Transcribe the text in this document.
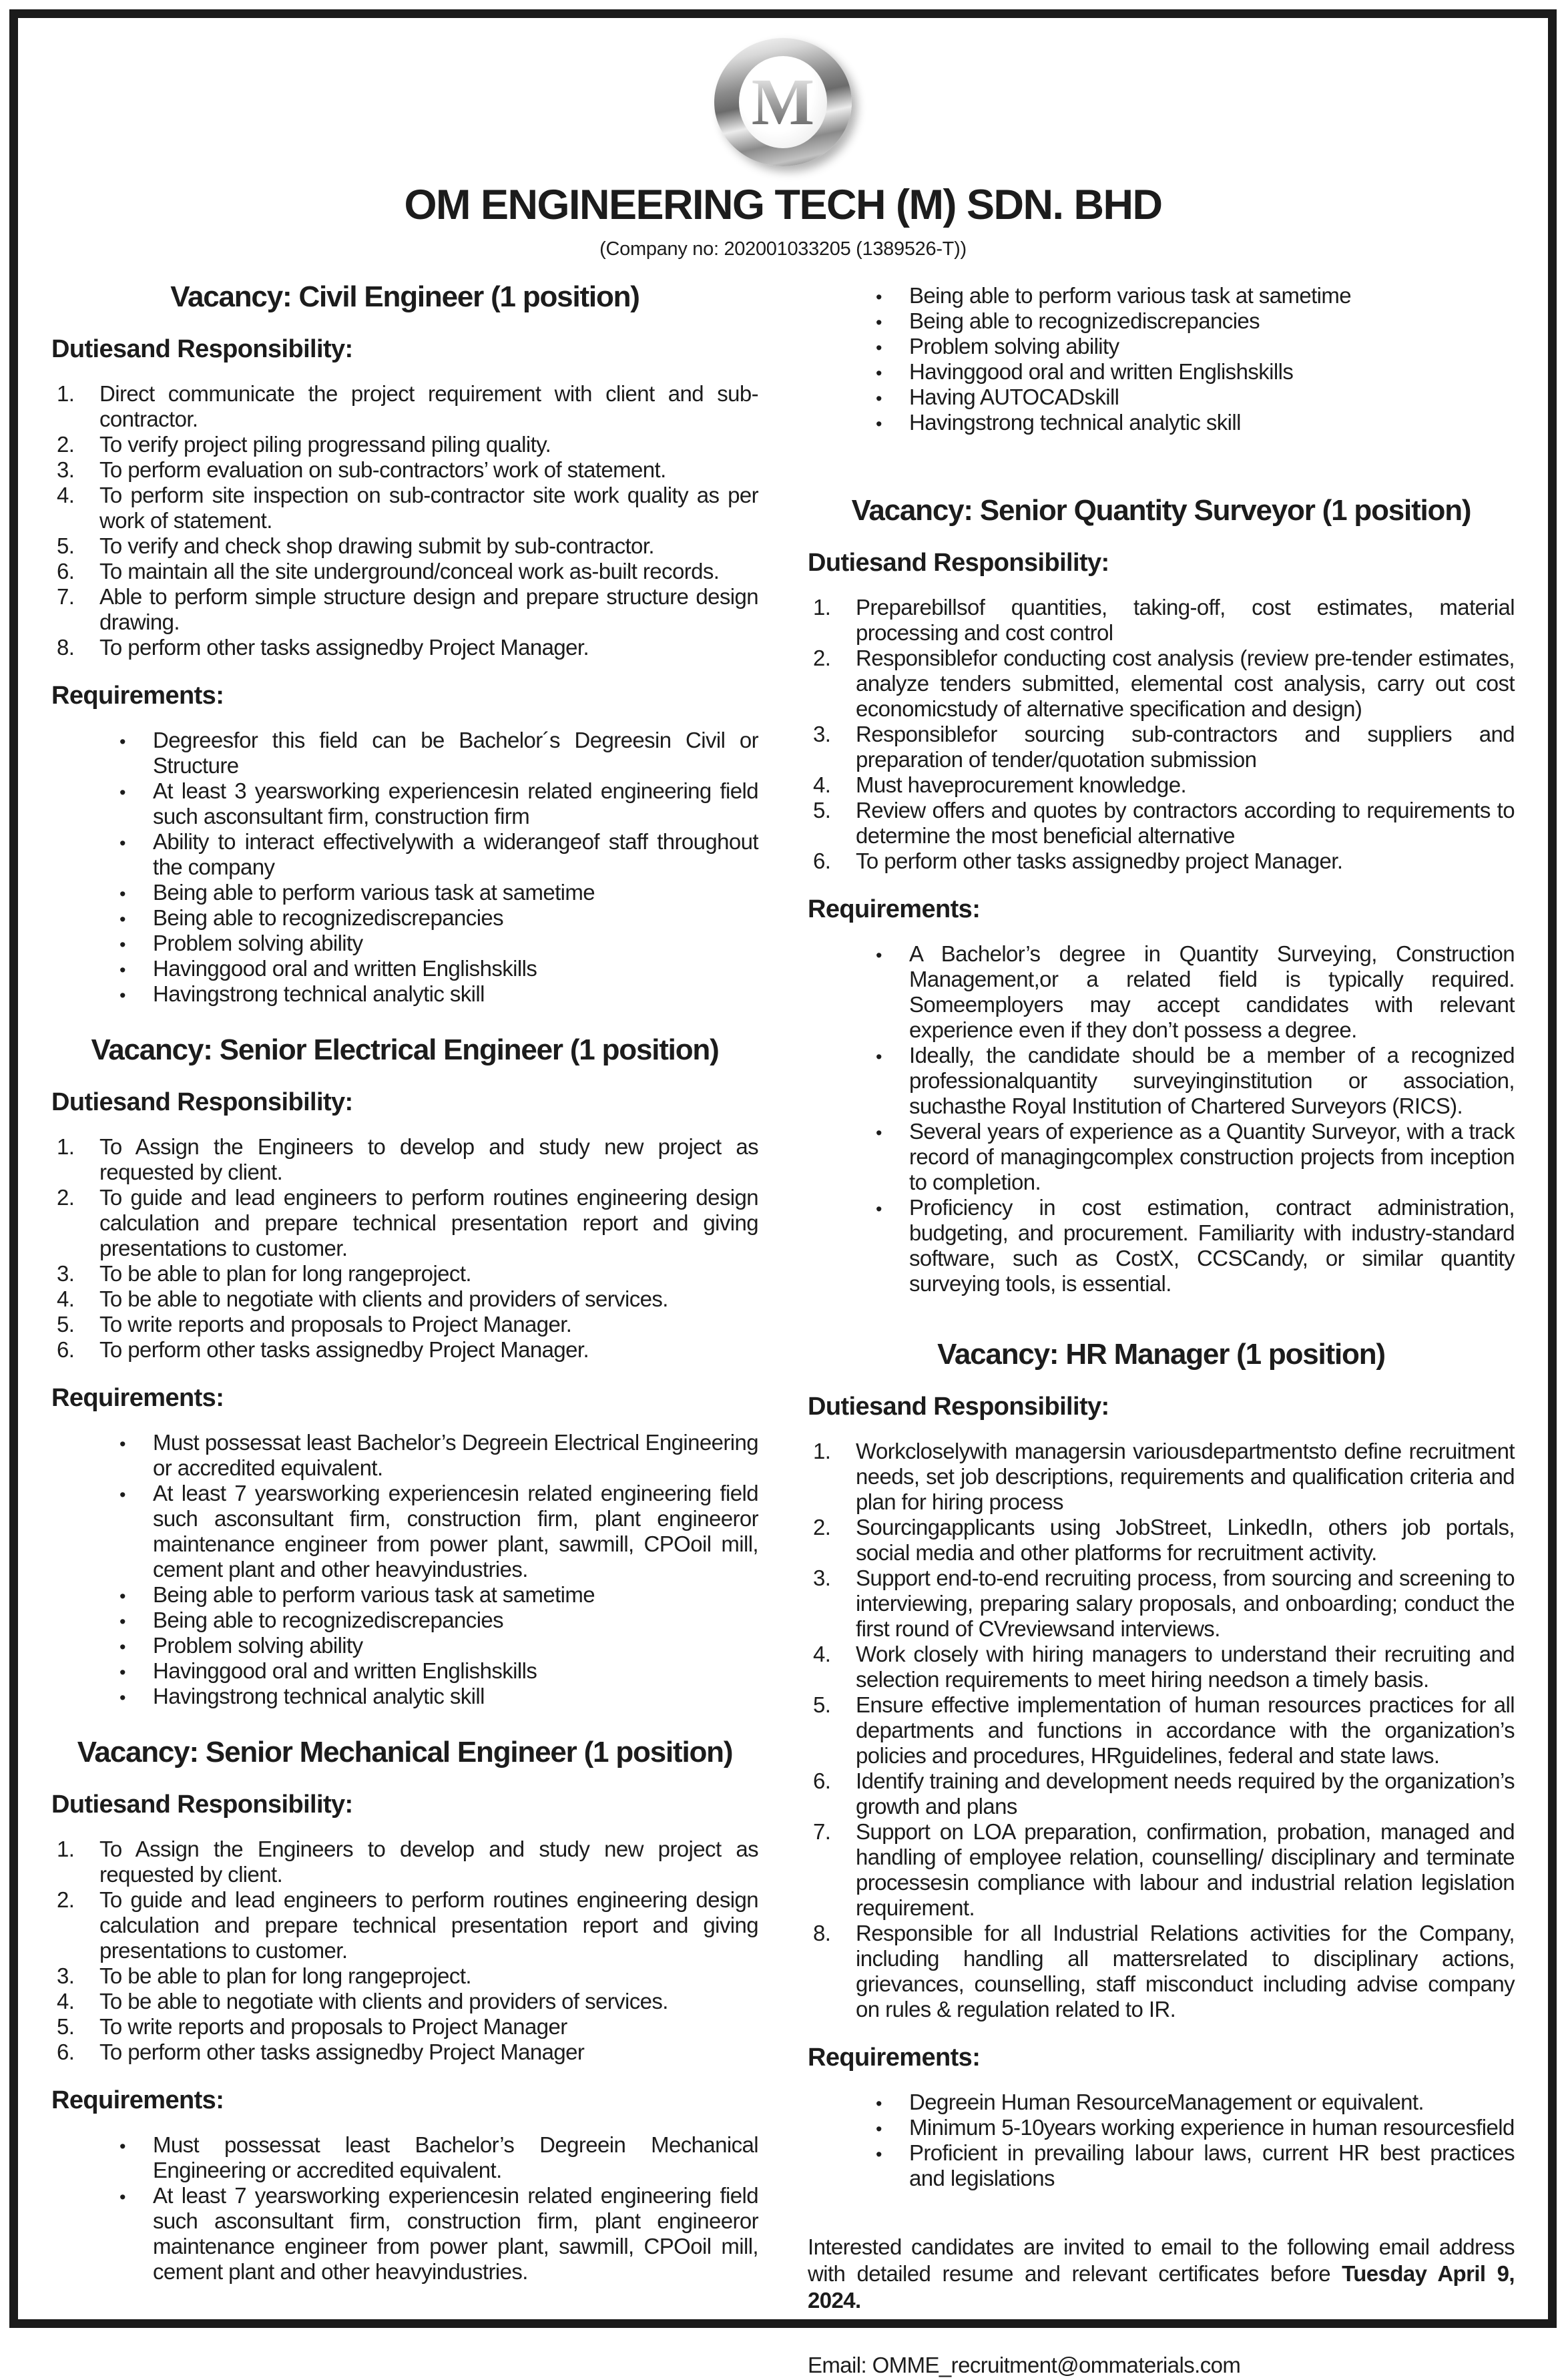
M
OM ENGINEERING TECH (M) SDN. BHD
(Company no: 202001033205 (1389526-T))
Vacancy: Civil Engineer (1 position)
Dutiesand Responsibility:
Direct communicate the project requirement with client and sub-contractor.
To verify project piling progressand piling quality.
To perform evaluation on sub-contractors’ work of statement.
To perform site inspection on sub-contractor site work quality as per work of statement.
To verify and check shop drawing submit by sub-contractor.
To maintain all the site underground/conceal work as-built records.
Able to perform simple structure design and prepare structure design drawing.
To perform other tasks assignedby Project Manager.
Requirements:
• Degreesfor this field can be Bachelor´s Degreesin Civil or Structure
• At least 3 yearsworking experiencesin related engineering field such asconsultant firm, construction firm
• Ability to interact effectivelywith a widerangeof staff throughout the company
• Being able to perform various task at sametime
• Being able to recognizediscrepancies
• Problem solving ability
• Havinggood oral and written Englishskills
• Havingstrong technical analytic skill
Vacancy: Senior Electrical Engineer (1 position)
Dutiesand Responsibility:
To Assign the Engineers to develop and study new project as requested by client.
To guide and lead engineers to perform routines engineering design calculation and prepare technical presentation report and giving presentations to customer.
To be able to plan for long rangeproject.
To be able to negotiate with clients and providers of services.
To write reports and proposals to Project Manager.
To perform other tasks assignedby Project Manager.
Requirements:
• Must possessat least Bachelor’s Degreein Electrical Engineering or accredited equivalent.
• At least 7 yearsworking experiencesin related engineering field such asconsultant firm, construction firm, plant engineeror maintenance engineer from power plant, sawmill, CPOoil mill, cement plant and other heavyindustries.
• Being able to perform various task at sametime
• Being able to recognizediscrepancies
• Problem solving ability
• Havinggood oral and written Englishskills
• Havingstrong technical analytic skill
Vacancy: Senior Mechanical Engineer (1 position)
Dutiesand Responsibility:
To Assign the Engineers to develop and study new project as requested by client.
To guide and lead engineers to perform routines engineering design calculation and prepare technical presentation report and giving presentations to customer.
To be able to plan for long rangeproject.
To be able to negotiate with clients and providers of services.
To write reports and proposals to Project Manager
To perform other tasks assignedby Project Manager
Requirements:
• Must possessat least Bachelor’s Degreein Mechanical Engineering or accredited equivalent.
• At least 7 yearsworking experiencesin related engineering field such asconsultant firm, construction firm, plant engineeror maintenance engineer from power plant, sawmill, CPOoil mill, cement plant and other heavyindustries.
• Being able to perform various task at sametime
• Being able to recognizediscrepancies
• Problem solving ability
• Havinggood oral and written Englishskills
• Having AUTOCADskill
• Havingstrong technical analytic skill
Vacancy: Senior Quantity Surveyor (1 position)
Dutiesand Responsibility:
Preparebillsof quantities, taking-off, cost estimates, material processing and cost control
Responsiblefor conducting cost analysis (review pre-tender estimates, analyze tenders submitted, elemental cost analysis, carry out cost economicstudy of alternative specification and design)
Responsiblefor sourcing sub-contractors and suppliers and preparation of tender/quotation submission
Must haveprocurement knowledge.
Review offers and quotes by contractors according to requirements to determine the most beneficial alternative
To perform other tasks assignedby project Manager.
Requirements:
• A Bachelor’s degree in Quantity Surveying, Construction Management,or a related field is typically required. Someemployers may accept candidates with relevant experience even if they don’t possess a degree.
• Ideally, the candidate should be a member of a recognized professionalquantity surveyinginstitution or association, suchasthe Royal Institution of Chartered Surveyors (RICS).
• Several years of experience as a Quantity Surveyor, with a track record of managingcomplex construction projects from inception to completion.
• Proficiency in cost estimation, contract administration, budgeting, and procurement. Familiarity with industry-standard software, such as CostX, CCSCandy, or similar quantity surveying tools, is essential.
Vacancy: HR Manager (1 position)
Dutiesand Responsibility:
Workcloselywith managersin variousdepartmentsto define recruitment needs, set job descriptions, requirements and qualification criteria and plan for hiring process
Sourcingapplicants using JobStreet, LinkedIn, others job portals, social media and other platforms for recruitment activity.
Support end-to-end recruiting process, from sourcing and screening to interviewing, preparing salary proposals, and onboarding; conduct the first round of CVreviewsand interviews.
Work closely with hiring managers to understand their recruiting and selection requirements to meet hiring needson a timely basis.
Ensure effective implementation of human resources practices for all departments and functions in accordance with the organization’s policies and procedures, HRguidelines, federal and state laws.
Identify training and development needs required by the organization’s growth and plans
Support on LOA preparation, confirmation, probation, managed and handling of employee relation, counselling/ disciplinary and terminate processesin compliance with labour and industrial relation legislation requirement.
Responsible for all Industrial Relations activities for the Company, including handling all mattersrelated to disciplinary actions, grievances, counselling, staff misconduct including advise company on rules & regulation related to IR.
Requirements:
• Degreein Human ResourceManagement or equivalent.
• Minimum 5-10years working experience in human resourcesfield
• Proficient in prevailing labour laws, current HR best practices and legislations

Interested candidates are invited to email to the following email address with detailed resume and relevant certificates before Tuesday April 9, 2024.

Email: OMME_recruitment@ommaterials.com
